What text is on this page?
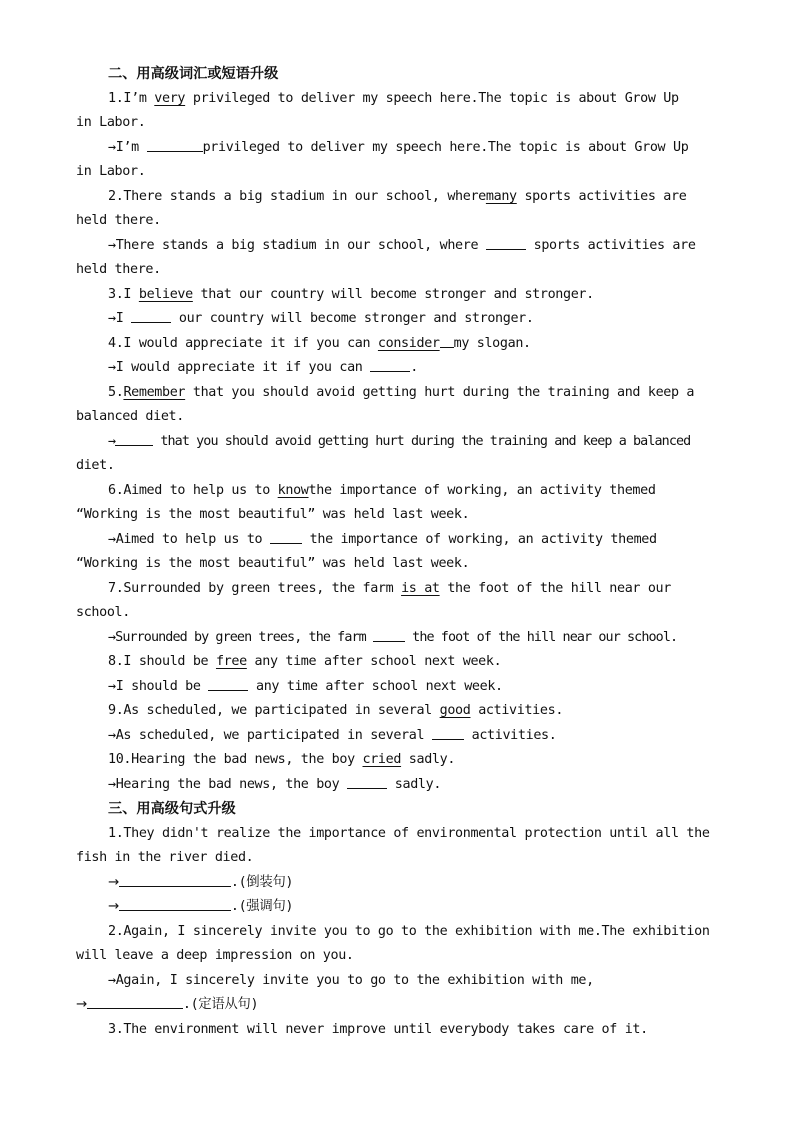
二、用高级词汇或短语升级
1.I’m very privileged to deliver my speech here.The topic is about Grow Up
in Labor.
→I’m	privileged to deliver my speech here.The topic is about Grow Up
in Labor.
2.There stands a big stadium in our school, wheremany sports activities are
held there.
→There stands a big stadium in our school, where	sports activities are
held there.
3.I believe that our country will become stronger and stronger.
→I	our country will become stronger and stronger.
4.I would appreciate it if you can consider my slogan.
→I would appreciate it if you can	.
5.Remember that you should avoid getting hurt during the training and keep a
balanced diet.
→	that you should avoid getting hurt during the training and keep a balanced
diet.
6.Aimed to help us to knowthe importance of working, an activity themed
“Working is the most beautiful” was held last week.
→Aimed to help us to  the importance of working, an activity themed
“Working is the most beautiful” was held last week.
7.Surrounded by green trees, the farm is at the foot of the hill near our
school.
→Surrounded by green trees, the farm  the foot of the hill near our school.
8.I should be free any time after school next week.
→I should be	any time after school next week.
9.As scheduled, we participated in several good activities.
→As scheduled, we participated in several  activities.
10.Hearing the bad news, the boy cried sadly.
→Hearing the bad news, the boy	sadly.
三、用高级句式升级
1.They didn't realize the importance of environmental protection until all the
fish in the river died.
→	.(倒装句)
→	.(强调句)
2.Again, I sincerely invite you to go to the exhibition with me.The exhibition
will leave a deep impression on you.
→Again, I sincerely invite you to go to the exhibition with me,
→	.(定语从句)
3.The environment will never improve until everybody takes care of it.
